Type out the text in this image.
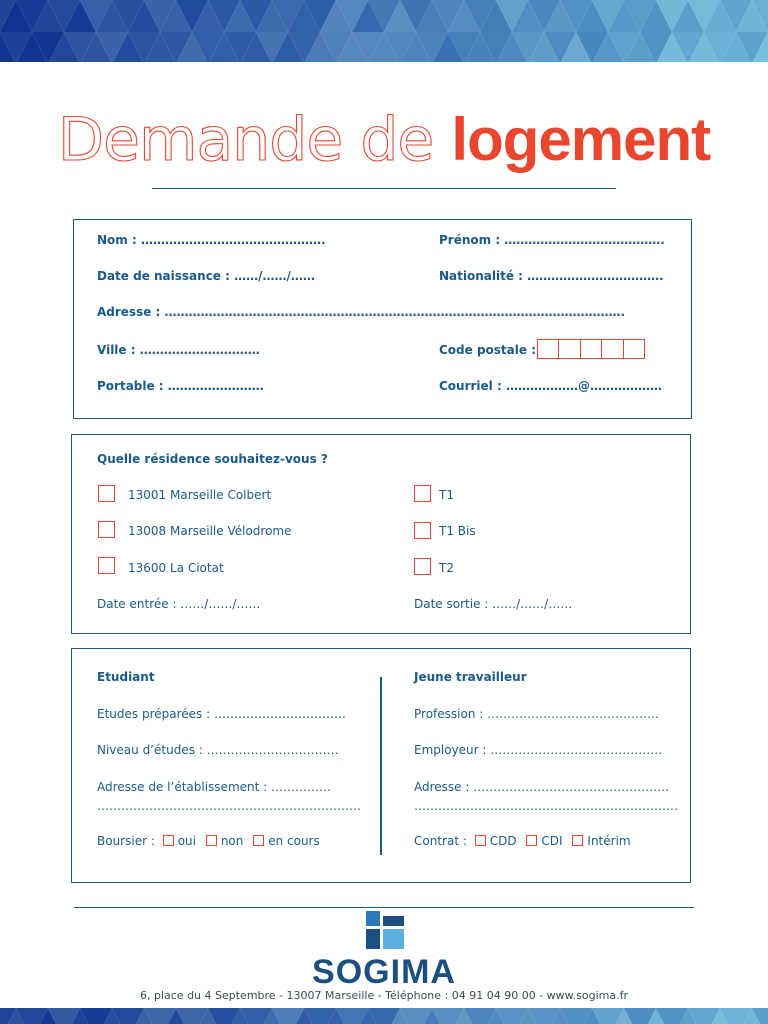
Demande de logement
Nom : ……………………………………….	Prénom : ………………………………….
Date de naissance : ……/……/……	Nationalité : …………………………….
Adresse : …………………………………………………………………………………………………….
Ville : …………………………	Code postale :
Portable : ……………………	Courriel : ………………@………………
Quelle résidence souhaitez-vous ?
13001 Marseille Colbert
13008 Marseille Vélodrome
13600 La Ciotat
T1
T1 Bis
T2
Date entrée : ……/……/……	Date sortie : ……/……/……
Etudiant
Etudes préparées : ……………………………
Niveau d’études : ……………………………
Adresse de l’établissement : ……………
…………………………………………………………
Boursier : oui non en cours
Jeune travailleur
Profession : …………………………………….
Employeur : …………………………………….
Adresse : ………………………………………….
…………………………………………………………
Contrat : CDD CDI Intérim
SOGIMA
6, place du 4 Septembre - 13007 Marseille - Téléphone : 04 91 04 90 00 - www.sogima.fr
